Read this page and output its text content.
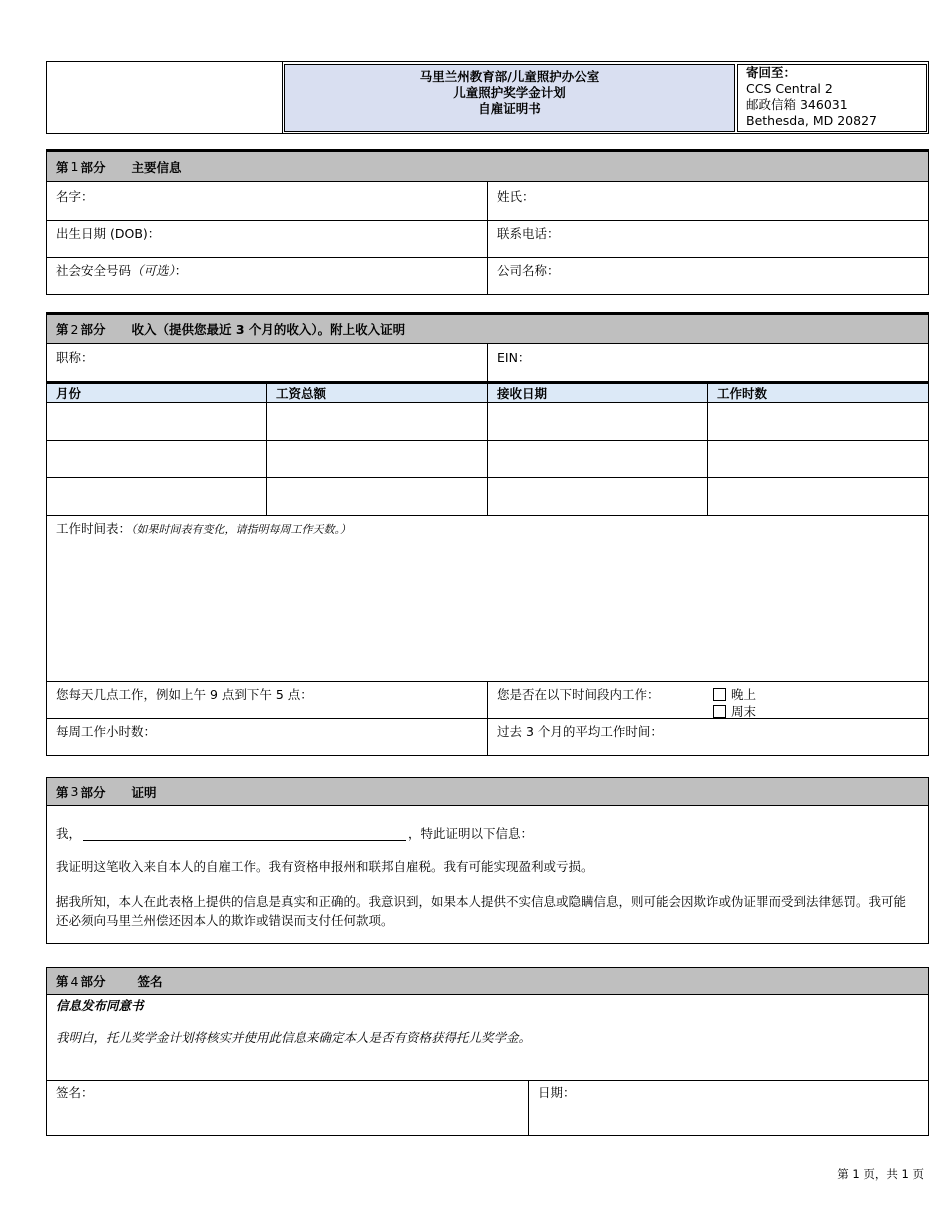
马里兰州教育部/儿童照护办公室
儿童照护奖学金计划
自雇证明书
寄回至：
CCS Central 2
邮政信箱 346031
Bethesda, MD 20827
第 1 部分 主要信息
名字：	姓氏：
出生日期 (DOB)：	联系电话：
社会安全号码（可选）：	公司名称：
第 2 部分 收入（提供您最近 3 个月的收入）。附上收入证明
职称：	EIN：
月份	工资总额	接收日期	工作时数
工作时间表：（如果时间表有变化，请指明每周工作天数。）
您每天几点工作，例如上午 9 点到下午 5 点：	您是否在以下时间段内工作：	晚上
周末
每周工作小时数：	过去 3 个月的平均工作时间：
第 3 部分 证明
我，	，特此证明以下信息：
我证明这笔收入来自本人的自雇工作。我有资格申报州和联邦自雇税。我有可能实现盈利或亏损。
据我所知，本人在此表格上提供的信息是真实和正确的。我意识到，如果本人提供不实信息或隐瞒信息，则可能会因欺诈或伪证罪而受到法律惩罚。我可能还必须向马里兰州偿还因本人的欺诈或错误而支付任何款项。
第 4 部分	签名
信息发布同意书
我明白，托儿奖学金计划将核实并使用此信息来确定本人是否有资格获得托儿奖学金。
签名：	日期：
第 1 页，共 1 页
